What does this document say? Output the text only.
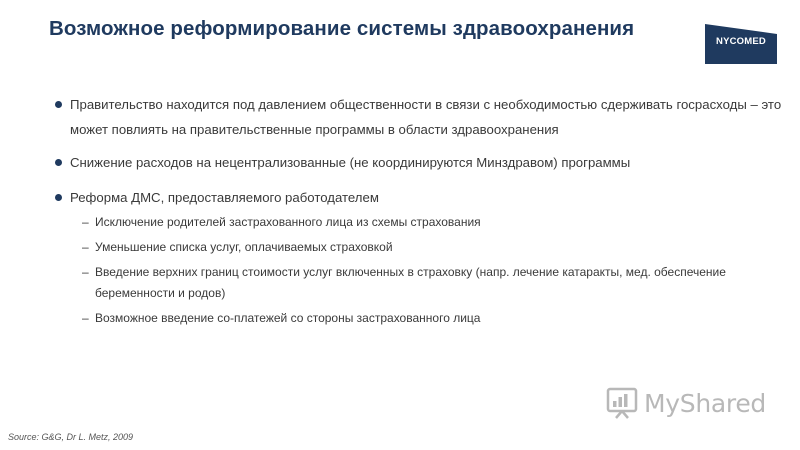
Возможное реформирование системы здравоохранения
NYCOMED
Правительство находится под давлением общественности в связи с необходимостью сдерживать госрасходы – это может повлиять на правительственные программы в области здравоохранения
Снижение расходов на нецентрализованные (не координируются Минздравом) программы
Реформа ДМС, предоставляемого работодателем
– Исключение родителей застрахованного лица из схемы страхования
– Уменьшение списка услуг, оплачиваемых страховкой
– Введение верхних границ стоимости услуг включенных в страховку (напр. лечение катаракты, мед. обеспечение беременности и родов)
– Возможное введение со-платежей со стороны застрахованного лица
Source: G&G, Dr L. Metz, 2009
MyShared
